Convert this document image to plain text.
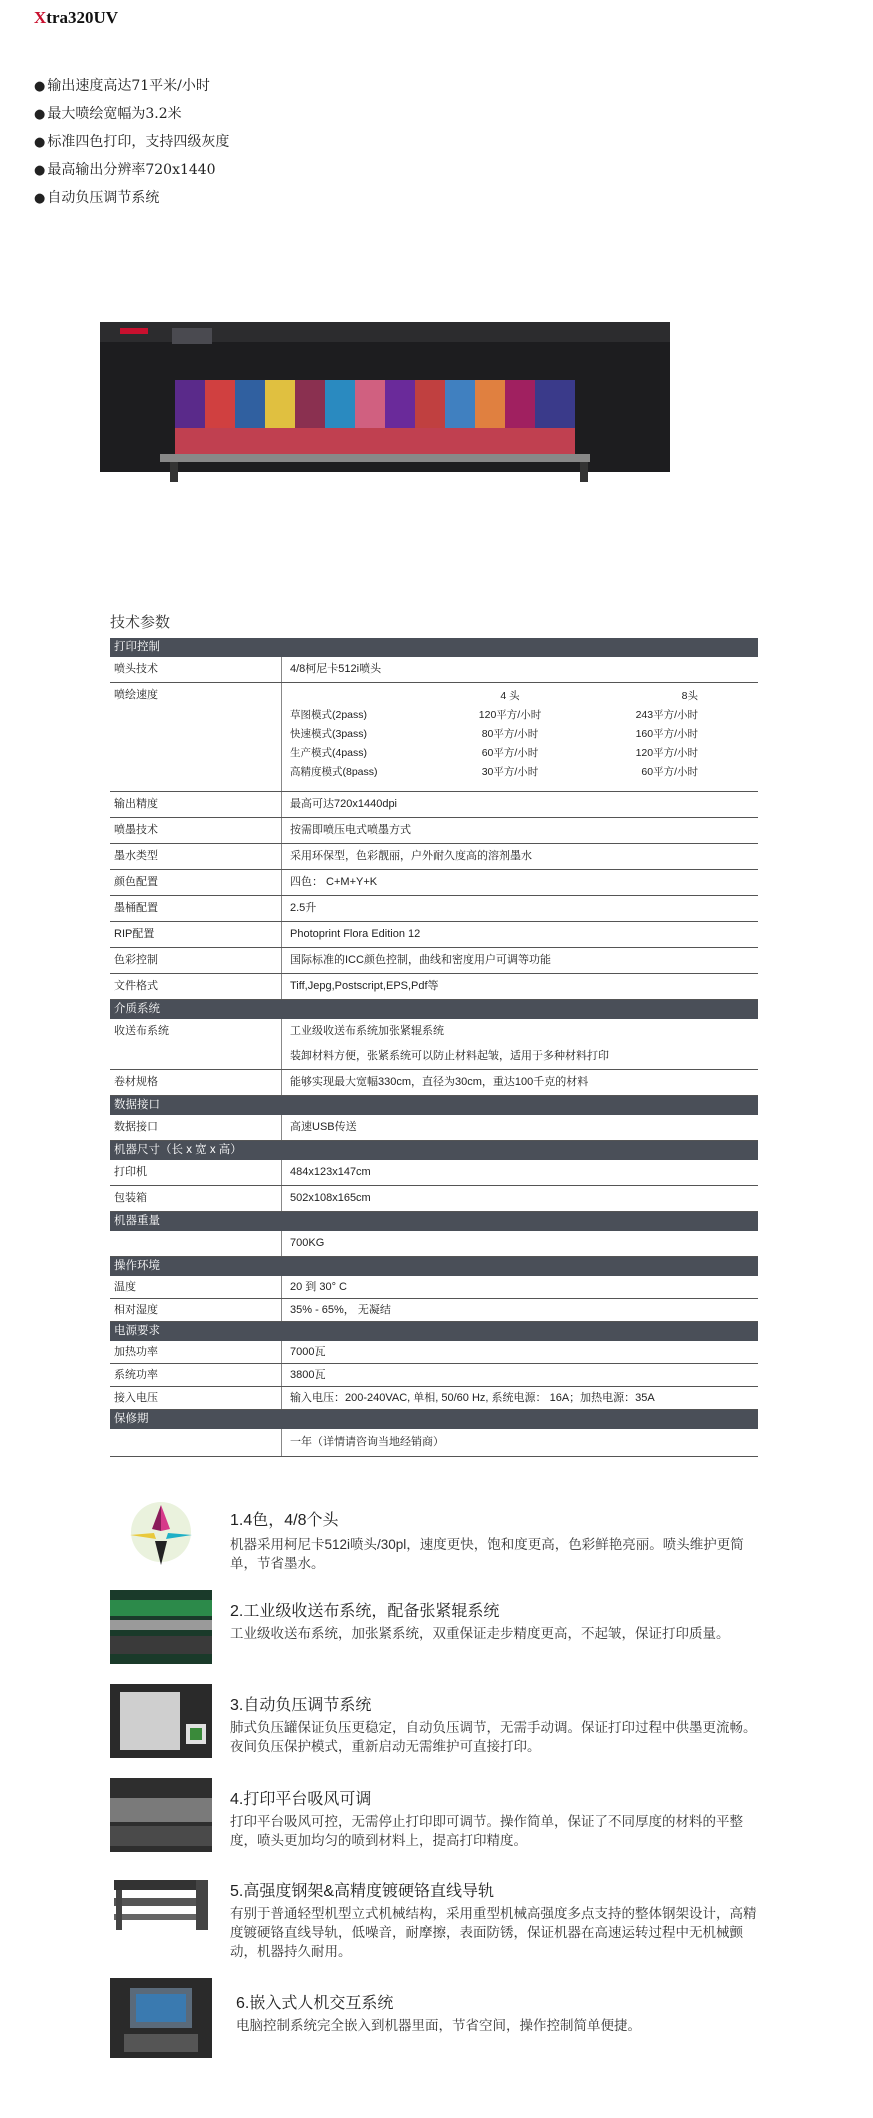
Xtra320UV
● 输出速度高达71平米/小时
● 最大喷绘宽幅为3.2米
● 标准四色打印，支持四级灰度
● 最高输出分辨率720x1440
● 自动负压调节系统
技术参数
打印控制
喷头技术	4/8柯尼卡512i喷头
喷绘速度	4 头	8头
草图模式(2pass)	120平方/小时	243平方/小时
快速模式(3pass)	80平方/小时	160平方/小时
生产模式(4pass)	60平方/小时	120平方/小时
高精度模式(8pass)	30平方/小时	60平方/小时
输出精度	最高可达720x1440dpi
喷墨技术	按需即喷压电式喷墨方式
墨水类型	采用环保型，色彩靓丽，户外耐久度高的溶剂墨水
颜色配置	四色： C+M+Y+K
墨桶配置	2.5升
RIP配置	Photoprint Flora Edition 12
色彩控制	国际标准的ICC颜色控制，曲线和密度用户可调等功能
文件格式	Tiff,Jepg,Postscript,EPS,Pdf等
介质系统
收送布系统	工业级收送布系统加张紧辊系统
装卸材料方便，张紧系统可以防止材料起皱，适用于多种材料打印
卷材规格	能够实现最大宽幅330cm，直径为30cm，重达100千克的材料
数据接口
数据接口	高速USB传送
机器尺寸（长 x 宽 x 高）
打印机	484x123x147cm
包装箱	502x108x165cm
机器重量
700KG
操作环境
温度	20 到 30° C
相对湿度	35% - 65%， 无凝结
电源要求
加热功率	7000瓦
系统功率	3800瓦
接入电压	输入电压：200-240VAC, 单相, 50/60 Hz, 系统电源： 16A；加热电源：35A
保修期
一年（详情请咨询当地经销商）
1.4色，4/8个头
机器采用柯尼卡512i喷头/30pl，速度更快，饱和度更高，色彩鲜艳亮丽。喷头维护更简单，节省墨水。
2.工业级收送布系统，配备张紧辊系统
工业级收送布系统，加张紧系统，双重保证走步精度更高，不起皱，保证打印质量。
3.自动负压调节系统
肺式负压罐保证负压更稳定，自动负压调节，无需手动调。保证打印过程中供墨更流畅。夜间负压保护模式，重新启动无需维护可直接打印。
4.打印平台吸风可调
打印平台吸风可控，无需停止打印即可调节。操作简单，保证了不同厚度的材料的平整度，喷头更加均匀的喷到材料上，提高打印精度。
5.高强度钢架&高精度镀硬铬直线导轨
有别于普通轻型机型立式机械结构，采用重型机械高强度多点支持的整体钢架设计，高精度镀硬铬直线导轨，低噪音，耐摩擦，表面防锈，保证机器在高速运转过程中无机械颤动，机器持久耐用。
6.嵌入式人机交互系统
电脑控制系统完全嵌入到机器里面，节省空间，操作控制简单便捷。
